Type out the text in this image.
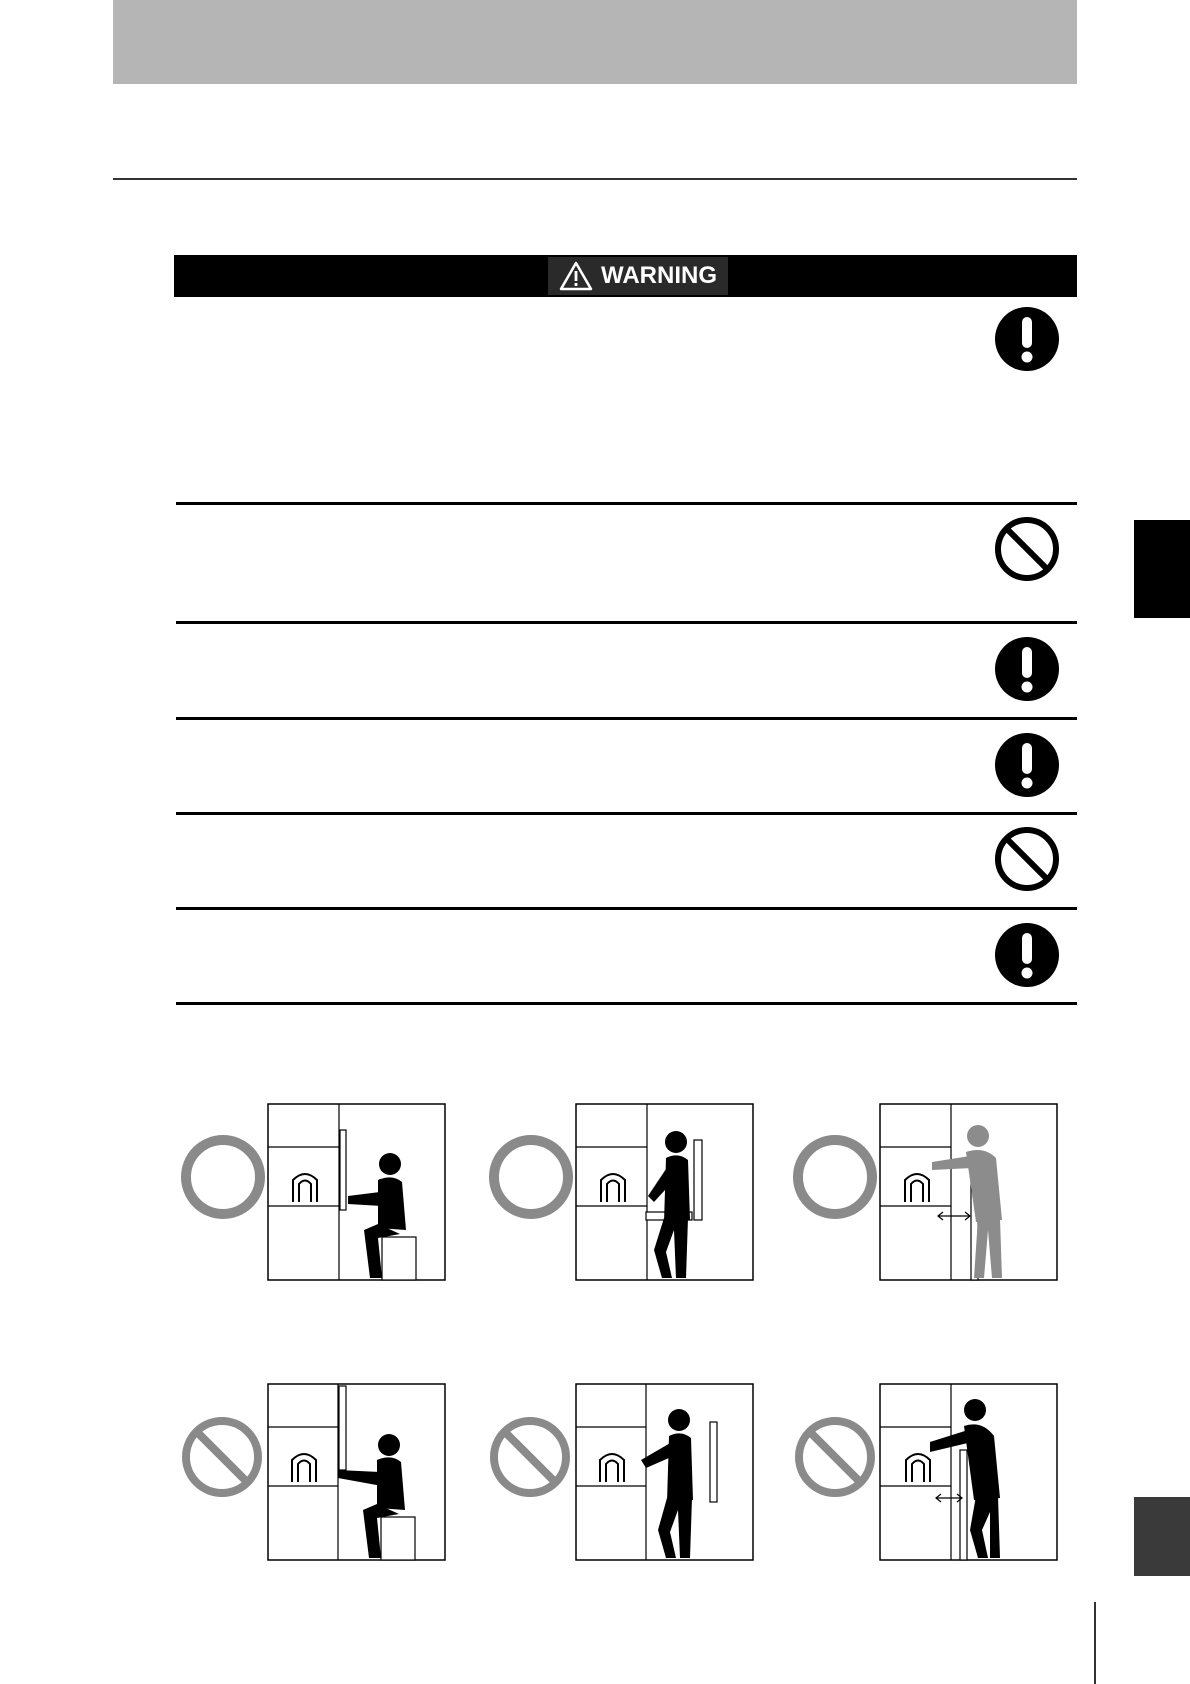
WARNING
